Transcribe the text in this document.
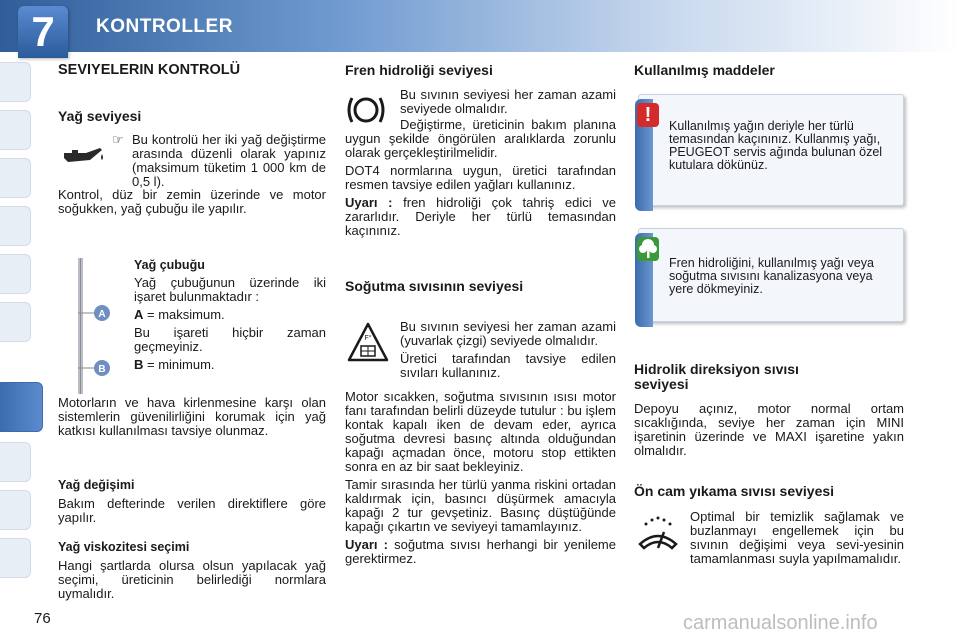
7	KONTROLLER
SEVIYELERIN KONTROLÜ
Yağ seviyesi
☞ Bu kontrolü her iki yağ değiştirme arasında düzenli olarak yapınız (maksimum tüketim 1 000 km de 0,5 l).

Kontrol, düz bir zemin üzerinde ve motor soğukken, yağ çubuğu ile yapılır.

A
B

Yağ çubuğu

Yağ çubuğunun üzerinde iki işaret bulunmaktadır :

A = maksimum.

Bu işareti hiçbir zaman geçmeyiniz.

B = minimum.

Motorların ve hava kirlenmesine karşı olan sistemlerin güvenilirliğini korumak için yağ katkısı kullanılması tavsiye olunmaz.

Yağ değişimi

Bakım defterinde verilen direktiflere göre yapılır.

Yağ viskozitesi seçimi

Hangi şartlarda olursa olsun yapılacak yağ seçimi, üreticinin belirlediği normlara uymalıdır.

Fren hidroliği seviyesi

Bu sıvının seviyesi her zaman azami seviyede olmalıdır.

Değiştirme, üreticinin bakım planına uygun şekilde öngörülen aralıklarda zorunlu olarak gerçekleştirilmelidir.

DOT4 normlarına uygun, üretici tarafından resmen tavsiye edilen yağları kullanınız.

Uyarı : fren hidroliği çok tahriş edici ve zararlıdır. Deriyle her türlü temasından kaçınınız.

Soğutma sıvısının seviyesi
F°

Bu sıvının seviyesi her zaman azami (yuvarlak çizgi) seviyede olmalıdır.

Üretici tarafından tavsiye edilen sıvıları kullanınız.

Motor sıcakken, soğutma sıvısının ısısı motor fanı tarafından belirli düzeyde tutulur : bu işlem kontak kapalı iken de devam eder, ayrıca soğutma devresi basınç altında olduğundan kapağı açmadan önce, motoru stop ettikten sonra en az bir saat bekleyiniz.

Tamir sırasında her türlü yanma riskini ortadan kaldırmak için, basıncı düşürmek amacıyla kapağı 2 tur gevşetiniz. Basınç düştüğünde kapağı çıkartın ve seviyeyi tamamlayınız.

Uyarı : soğutma sıvısı herhangi bir yenileme gerektirmez.

Kullanılmış maddeler
!	Kullanılmış yağın deriyle her türlü temasından kaçınınız. Kullanmış yağı, PEUGEOT servis ağında bulunan özel kutulara dökünüz.
Fren hidroliğini, kullanılmış yağı veya soğutma sıvısını kanalizasyona veya yere dökmeyiniz.
Hidrolik direksiyon sıvısı
seviyesi

Depoyu açınız, motor normal ortam sıcaklığında, seviye her zaman için MINI işaretinin üzerinde ve MAXI işaretine yakın olmalıdır.

Ön cam yıkama sıvısı seviyesi

Optimal bir temizlik sağlamak ve buzlanmayı engellemek için bu sıvının değişimi veya sevi-yesinin tamamlanması suyla yapılmamalıdır.

76	carmanualsonline.info
